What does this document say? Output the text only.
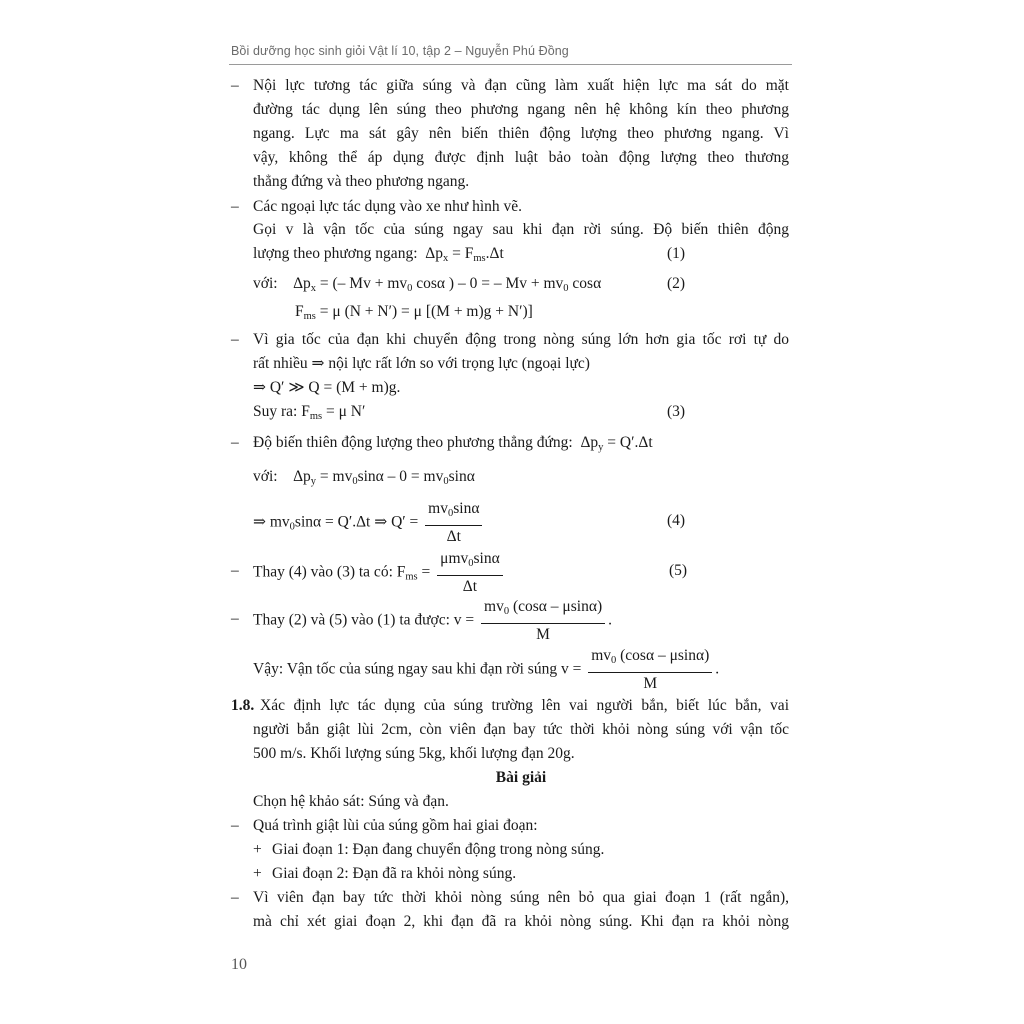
Bồi dưỡng học sinh giỏi Vật lí 10, tập 2 – Nguyễn Phú Đồng
– Nội lực tương tác giữa súng và đạn cũng làm xuất hiện lực ma sát do mặt
đường tác dụng lên súng theo phương ngang nên hệ không kín theo phương
ngang. Lực ma sát gây nên biến thiên động lượng theo phương ngang. Vì
vậy, không thể áp dụng được định luật bảo toàn động lượng theo thương
thẳng đứng và theo phương ngang.
– Các ngoại lực tác dụng vào xe như hình vẽ.
Gọi v là vận tốc của súng ngay sau khi đạn rời súng. Độ biến thiên động
lượng theo phương ngang: $\Delta p_x = F_{ms}.\Delta t$	(1)
với: $\Delta p_x$ = (– $Mv + mv_0$ cosα ) – 0 = – $Mv + mv_0$ cosα	(2)
$F_{ms} = \mu$ (N + N′) = μ [(M + m)g + N′)]
– Vì gia tốc của đạn khi chuyển động trong nòng súng lớn hơn gia tốc rơi tự do
rất nhiều ⇒ nội lực rất lớn so với trọng lực (ngoại lực)
⇒ Q′ ≫ Q = (M + m)g.
Suy ra: $F_{ms} = \mu$ N′	(3)
– Độ biến thiên động lượng theo phương thẳng đứng: $\Delta p_y = Q'.\Delta t$
với: $\Delta p_y = mv_0\sin\alpha - 0 = mv_0\sin\alpha$
⇒ $mv_0\sin\alpha = Q'.\Delta t$ ⇒ $Q' = \frac{mv_0\sin\alpha}{\Delta t}$	(4)
– Thay (4) vào (3) ta có: $F_{ms} = \frac{\mu mv_0\sin\alpha}{\Delta t}$	(5)
– Thay (2) và (5) vào (1) ta được: $v = \frac{mv_0 (\cos\alpha - \mu\sin\alpha)}{M}$ .
Vậy: Vận tốc của súng ngay sau khi đạn rời súng $v = \frac{mv_0 (\cos\alpha - \mu\sin\alpha)}{M}$ .
1.8. Xác định lực tác dụng của súng trường lên vai người bắn, biết lúc bắn, vai
người bắn giật lùi 2cm, còn viên đạn bay tức thời khỏi nòng súng với vận tốc
500 m/s. Khối lượng súng 5kg, khối lượng đạn 20g.
Bài giải
Chọn hệ khảo sát: Súng và đạn.
– Quá trình giật lùi của súng gồm hai giai đoạn:
+ Giai đoạn 1: Đạn đang chuyển động trong nòng súng.
+ Giai đoạn 2: Đạn đã ra khỏi nòng súng.
– Vì viên đạn bay tức thời khỏi nòng súng nên bỏ qua giai đoạn 1 (rất ngắn),
mà chỉ xét giai đoạn 2, khi đạn đã ra khỏi nòng súng. Khi đạn ra khỏi nòng
10
